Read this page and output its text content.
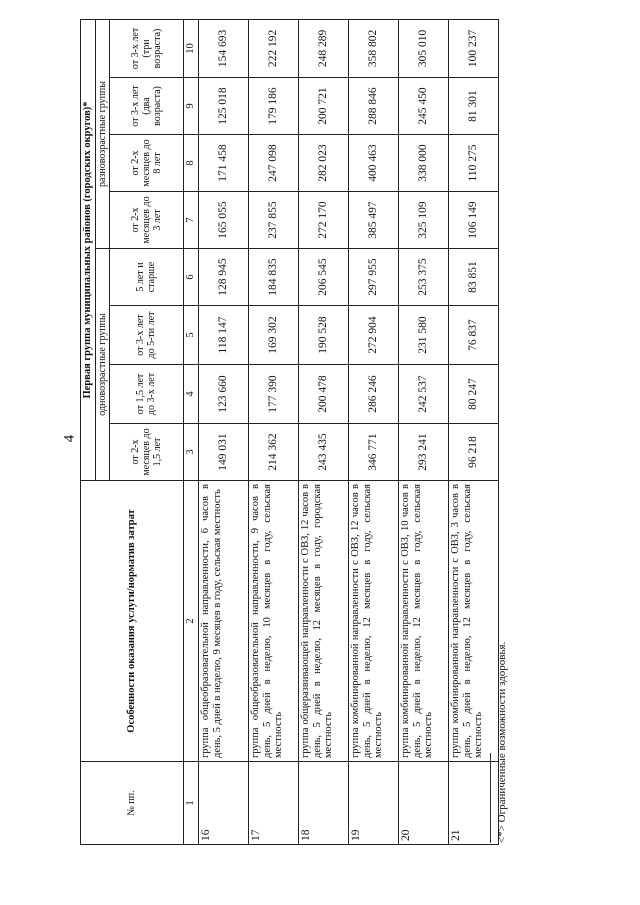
4
№ пп.	Особенности оказания услуги/норматив затрат	Первая группа муниципальных районов (городских округов)*							
		одновозрастные группы				разновозрастные группы			
		от 2-х месяцев до 1,5 лет	от 1,5 лет до 3-х лет	от 3-х лет до 5-ти лет	5 лет и старше	от 2-х месяцев до 3 лет	от 2-х месяцев до 8 лет	от 3-х лет (два возраста)	от 3-х лет (три возраста)
1	2	3	4	5	6	7	8	9	10
16	группа общеобразовательной направленности, 6 часов в день, 5 дней в неделю, 9 месяцев в году, сельская местность	149 031	123 660	118 147	128 945	165 055	171 458	125 018	154 693
17	группа общеобразовательной направленности, 9 часов в день, 5 дней в неделю, 10 месяцев в году, сельская местность	214 362	177 390	169 302	184 835	237 855	247 098	179 186	222 192
18	группа общеразвивающей направленности с ОВЗ, 12 часов в день, 5 дней в неделю, 12 месяцев в году, городская местность	243 435	200 478	190 528	206 545	272 170	282 023	200 721	248 289
19	группа комбинированной направленности с ОВЗ, 12 часов в день, 5 дней в неделю, 12 месяцев в году, сельская местность	346 771	286 246	272 904	297 955	385 497	400 463	288 846	358 802
20	группа комбинированной направленности с ОВЗ, 10 часов в день, 5 дней в неделю, 12 месяцев в году, сельская местность	293 241	242 537	231 580	253 375	325 109	338 000	245 450	305 010
21	группа комбинированной направленности с ОВЗ, 3 часов в день, 5 дней в неделю, 12 месяцев в году, сельская местность	96 218	80 247	76 837	83 851	106 149	110 275	81 301	100 237
<*> Ограниченные возможности здоровья.
